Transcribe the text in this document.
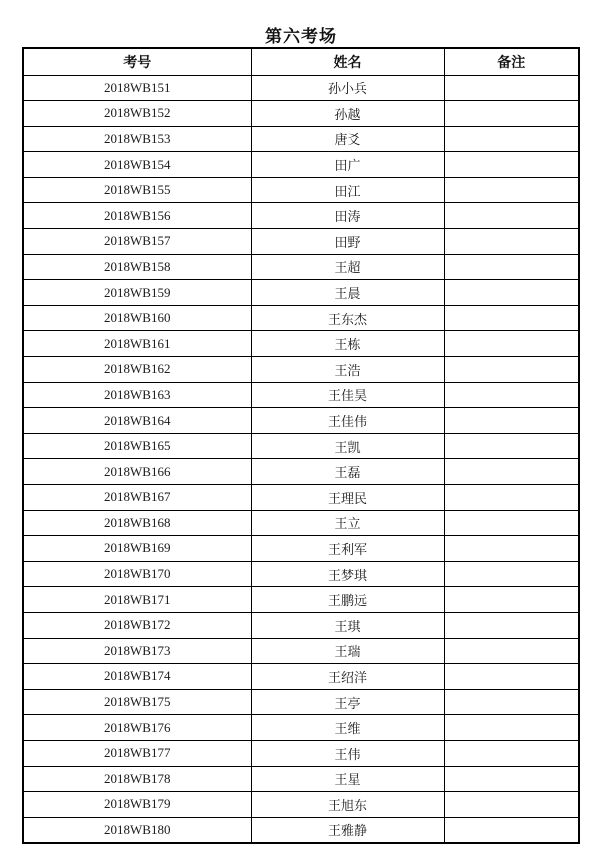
第六考场
考号	姓名	备注
2018WB151	孙小兵	
2018WB152	孙越	
2018WB153	唐爻	
2018WB154	田广	
2018WB155	田江	
2018WB156	田涛	
2018WB157	田野	
2018WB158	王超	
2018WB159	王晨	
2018WB160	王东杰	
2018WB161	王栋	
2018WB162	王浩	
2018WB163	王佳昊	
2018WB164	王佳伟	
2018WB165	王凯	
2018WB166	王磊	
2018WB167	王理民	
2018WB168	王立	
2018WB169	王利军	
2018WB170	王梦琪	
2018WB171	王鹏远	
2018WB172	王琪	
2018WB173	王瑞	
2018WB174	王绍洋	
2018WB175	王亭	
2018WB176	王维	
2018WB177	王伟	
2018WB178	王星	
2018WB179	王旭东	
2018WB180	王雅静	
